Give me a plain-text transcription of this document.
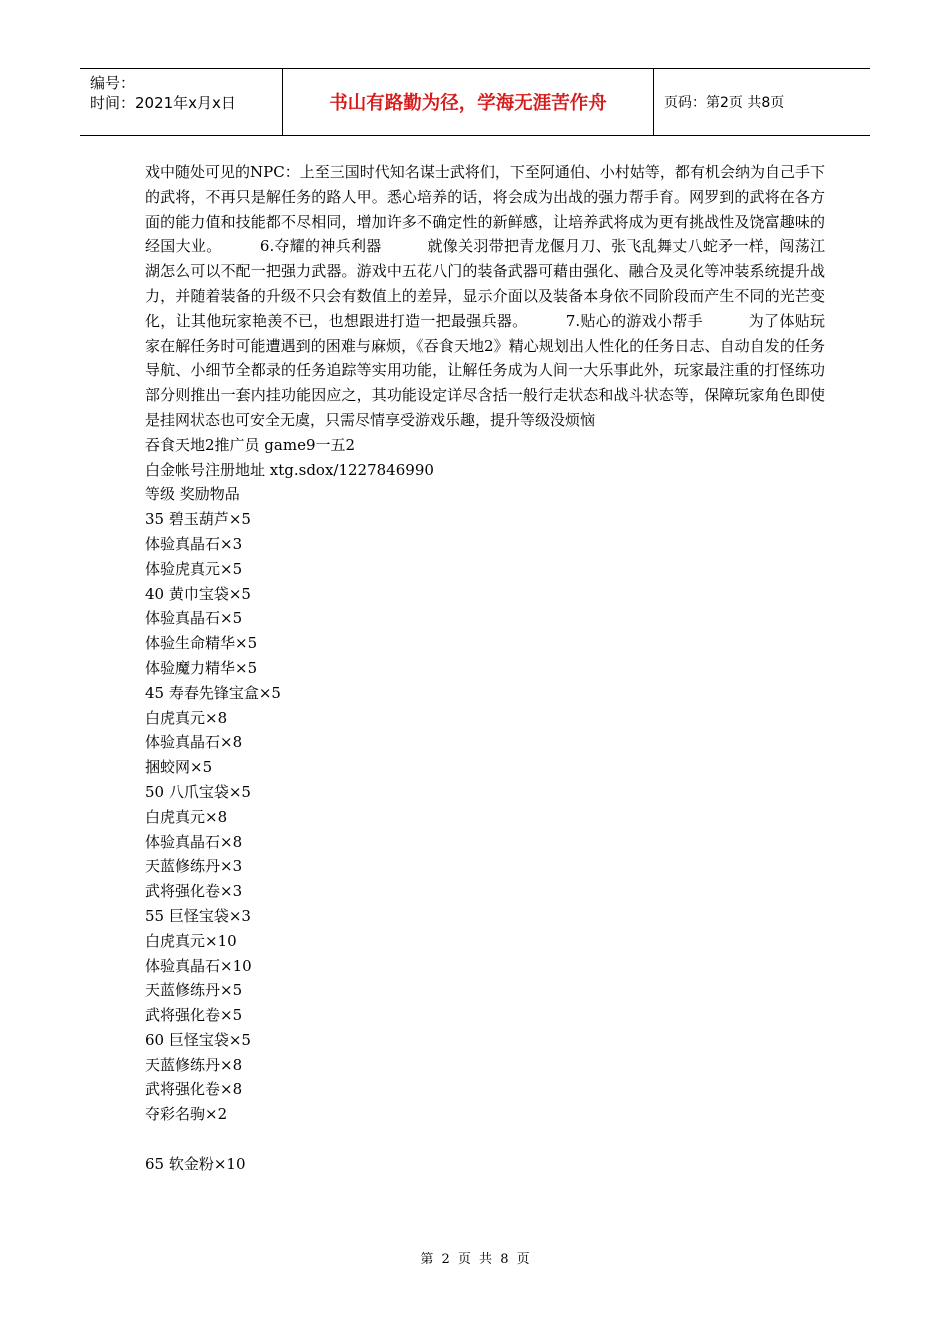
编号：
时间：2021年x月x日	书山有路勤为径，学海无涯苦作舟	页码：第2页 共8页
戏中随处可见的NPC：上至三国时代知名谋士武将们，下至阿通伯、小村姑等，都有机会纳为自己手下的武将，不再只是解任务的路人甲。悉心培养的话，将会成为出战的强力帮手育。网罗到的武将在各方面的能力值和技能都不尽相同，增加许多不确定性的新鲜感，让培养武将成为更有挑战性及饶富趣味的经国大业。　　　6.夺耀的神兵利器　　　就像关羽带把青龙偃月刀、张飞乱舞丈八蛇矛一样，闯荡江湖怎么可以不配一把强力武器。游戏中五花八门的装备武器可藉由强化、融合及灵化等冲装系统提升战力，并随着装备的升级不只会有数值上的差异，显示介面以及装备本身依不同阶段而产生不同的光芒变化，让其他玩家艳羡不已，也想跟进打造一把最强兵器。　　　7.贴心的游戏小帮手　　　为了体贴玩家在解任务时可能遭遇到的困难与麻烦，《吞食天地2》精心规划出人性化的任务日志、自动自发的任务导航、小细节全都录的任务追踪等实用功能，让解任务成为人间一大乐事此外，玩家最注重的打怪练功部分则推出一套内挂功能因应之，其功能设定详尽含括一般行走状态和战斗状态等，保障玩家角色即使是挂网状态也可安全无虞，只需尽情享受游戏乐趣，提升等级没烦恼
吞食天地2推广员 game9一五2
白金帐号注册地址 xtg.sdox/1227846990
等级 奖励物品
35 碧玉葫芦×5
体验真晶石×3
体验虎真元×5
40 黄巾宝袋×5
体验真晶石×5
体验生命精华×5
体验魔力精华×5
45 寿春先锋宝盒×5
白虎真元×8
体验真晶石×8
捆蛟网×5
50 八爪宝袋×5
白虎真元×8
体验真晶石×8
天蓝修练丹×3
武将强化卷×3
55 巨怪宝袋×3
白虎真元×10
体验真晶石×10
天蓝修练丹×5
武将强化卷×5
60 巨怪宝袋×5
天蓝修练丹×8
武将强化卷×8
夺彩名驹×2
65 软金粉×10
第 2 页 共 8 页
